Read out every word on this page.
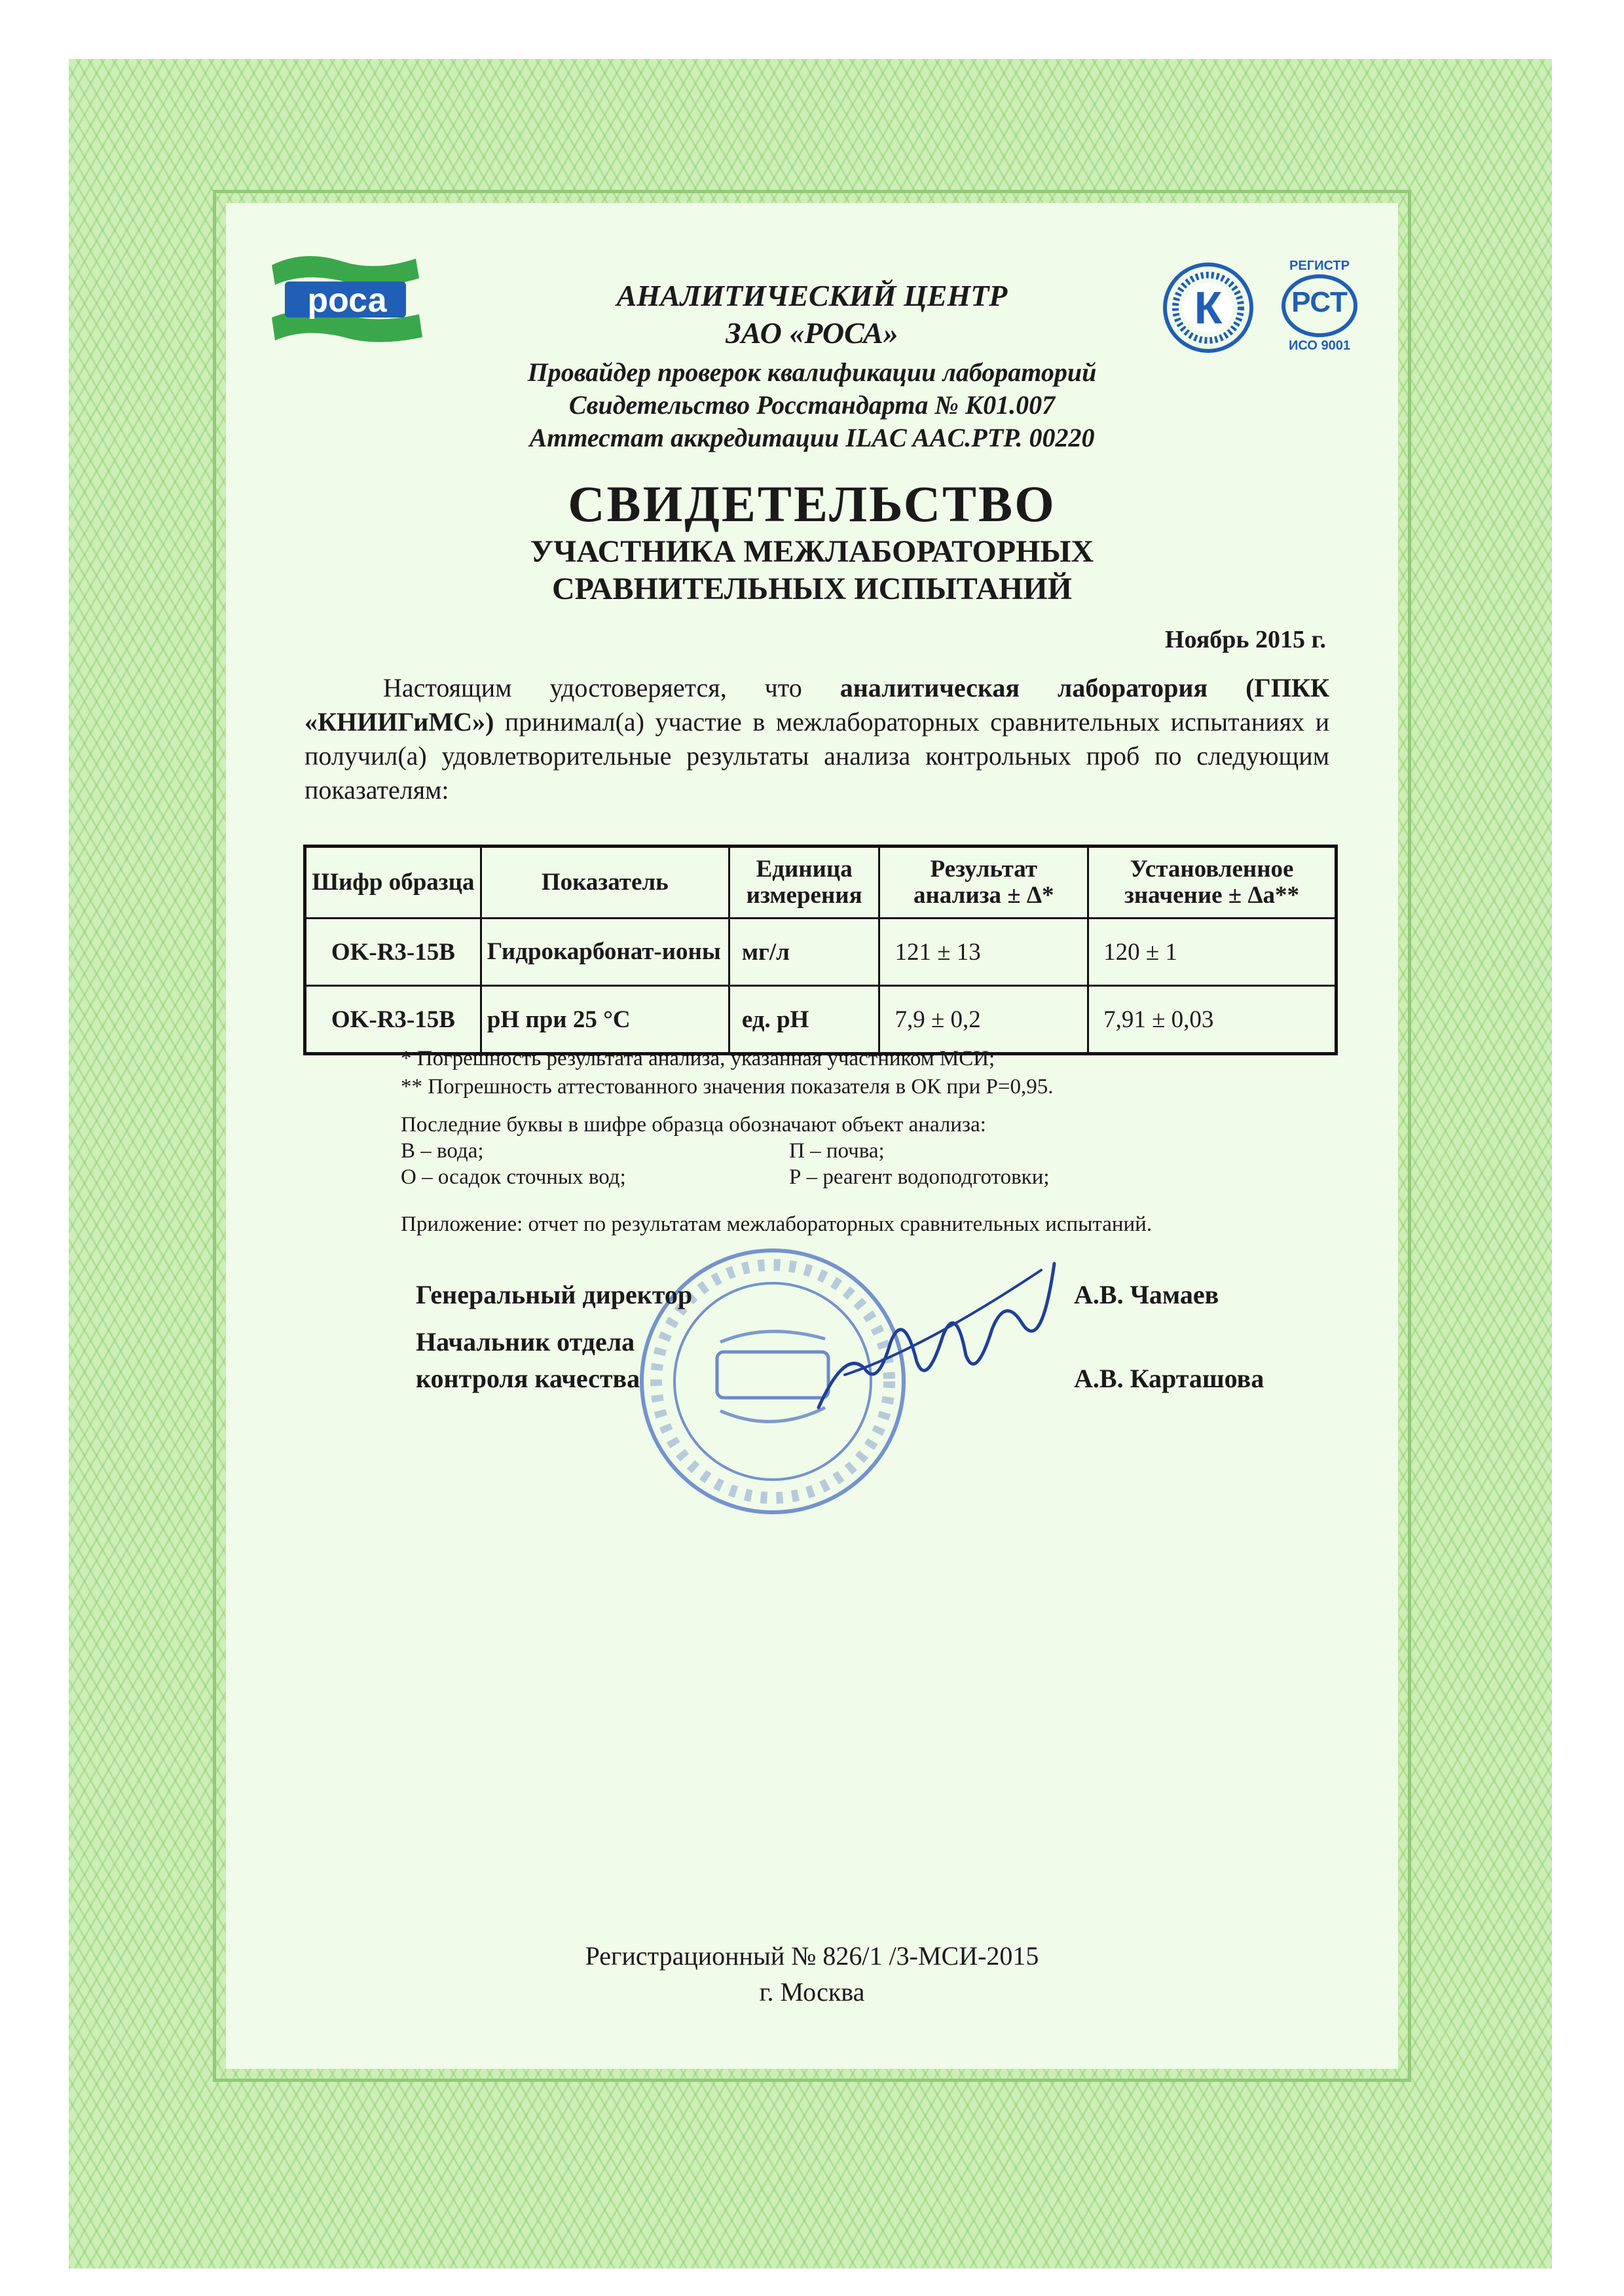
роса	АНАЛИТИЧЕСКИЙ ЦЕНТР
ЗАО «РОСА»
Провайдер проверок квалификации лабораторий
Свидетельство Росстандарта № К01.007
Аттестат аккредитации ILAC AAC.PTP. 00220
К
РЕГИСТР
РСТ
ИСО 9001
СВИДЕТЕЛЬСТВО
УЧАСТНИКА МЕЖЛАБОРАТОРНЫХ
СРАВНИТЕЛЬНЫХ ИСПЫТАНИЙ
Ноябрь 2015 г.
Настоящим удостоверяется, что аналитическая лаборатория (ГПКК «КНИИГиМС») принимал(а) участие в межлабораторных сравнительных испытаниях и получил(а) удовлетворительные результаты анализа контрольных проб по следующим показателям:
Шифр образца	Показатель	Единица измерения	Результат анализа ± Δ*	Установленное значение ± Δа**
OK-R3-15B	Гидрокарбонат-ионы	мг/л	121 ± 13	120 ± 1
OK-R3-15B	pH при 25 °C	ед. pH	7,9 ± 0,2	7,91 ± 0,03
* Погрешность результата анализа, указанная участником МСИ;
** Погрешность аттестованного значения показателя в ОК при P=0,95.
Последние буквы в шифре образца обозначают объект анализа:
B – вода;	П – почва;
O – осадок сточных вод;	Р – реагент водоподготовки;
Приложение: отчет по результатам межлабораторных сравнительных испытаний.
Генеральный директор	А.В. Чамаев
Начальник отдела
контроля качества	А.В. Карташова
Регистрационный № 826/1 /3-МСИ-2015
г. Москва
